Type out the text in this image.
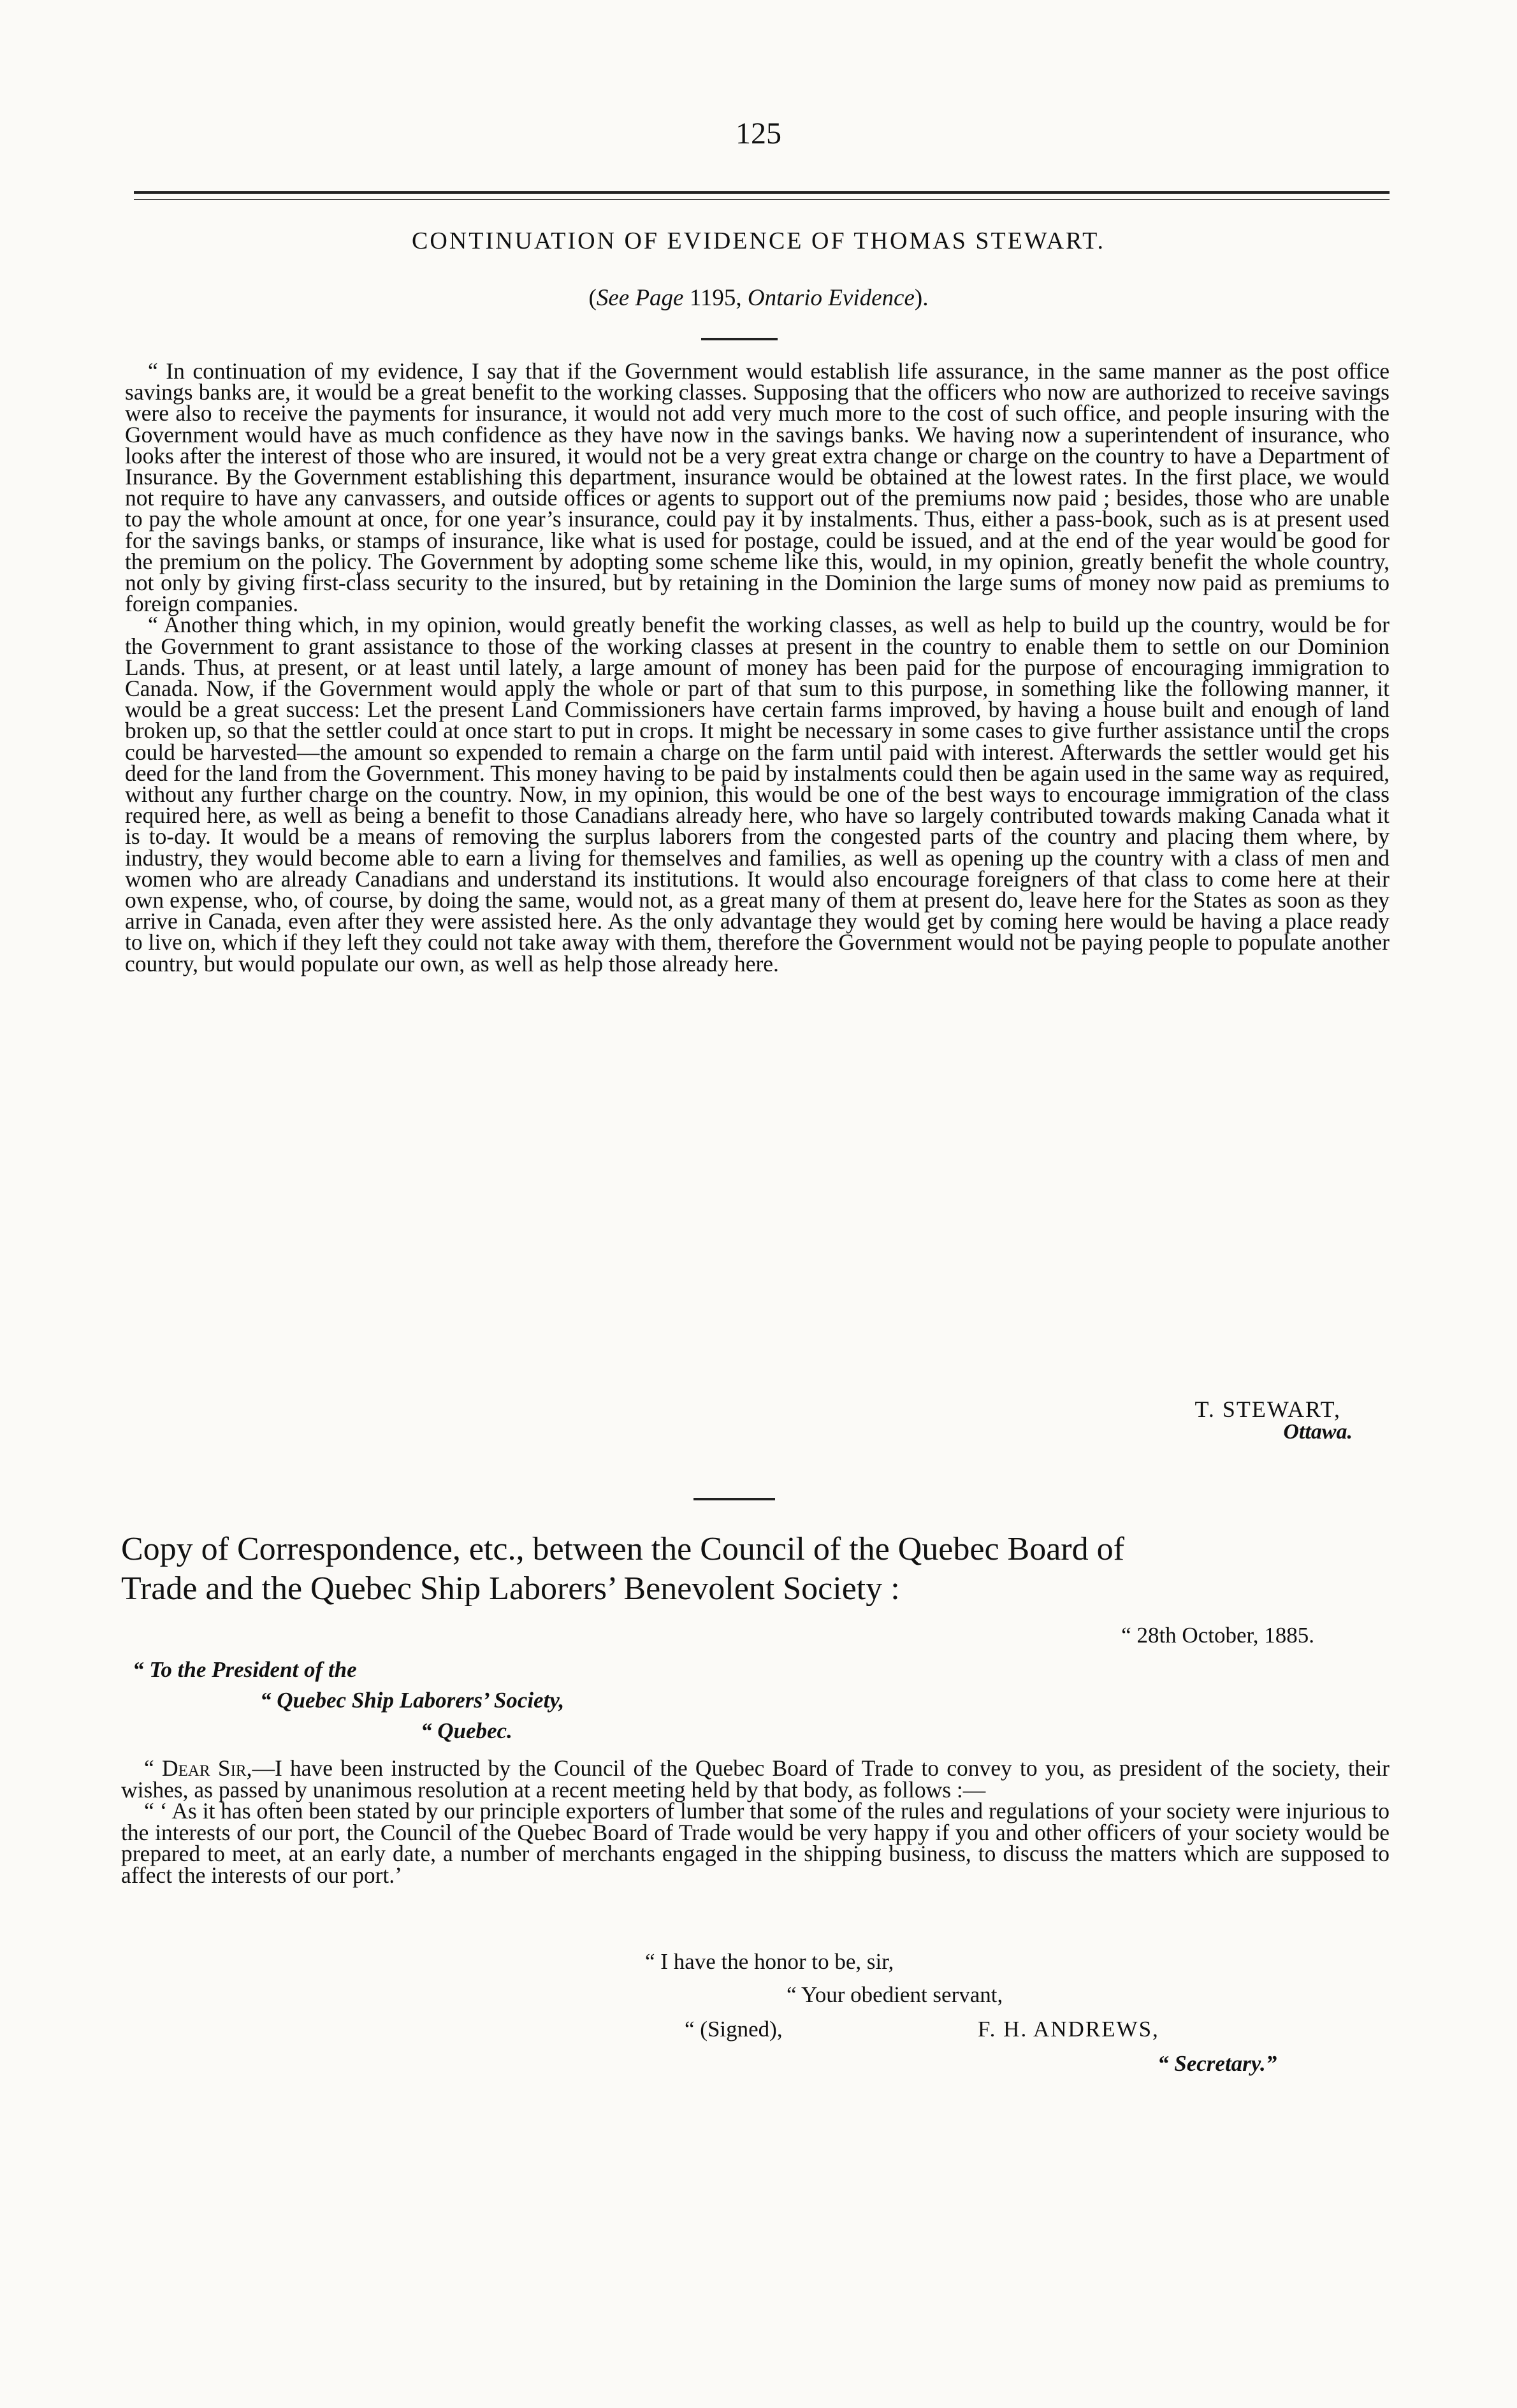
125
CONTINUATION OF EVIDENCE OF THOMAS STEWART.
(See Page 1195, Ontario Evidence).

“ In continuation of my evidence, I say that if the Government would establish life assurance, in the same manner as the post office savings banks are, it would be a great benefit to the working classes. Supposing that the officers who now are authorized to receive savings were also to receive the payments for insurance, it would not add very much more to the cost of such office, and people insuring with the Government would have as much confidence as they have now in the savings banks. We having now a superintendent of insurance, who looks after the interest of those who are insured, it would not be a very great extra change or charge on the country to have a Department of Insurance. By the Government establishing this department, insurance would be obtained at the lowest rates. In the first place, we would not require to have any canvassers, and outside offices or agents to support out of the premiums now paid ; besides, those who are unable to pay the whole amount at once, for one year’s insurance, could pay it by instalments. Thus, either a pass-book, such as is at present used for the savings banks, or stamps of insurance, like what is used for postage, could be issued, and at the end of the year would be good for the premium on the policy. The Government by adopting some scheme like this, would, in my opinion, greatly benefit the whole country, not only by giving first-class security to the insured, but by retaining in the Dominion the large sums of money now paid as premiums to foreign companies.

“ Another thing which, in my opinion, would greatly benefit the working classes, as well as help to build up the country, would be for the Government to grant assistance to those of the working classes at present in the country to enable them to settle on our Dominion Lands. Thus, at present, or at least until lately, a large amount of money has been paid for the purpose of encouraging immigration to Canada. Now, if the Government would apply the whole or part of that sum to this purpose, in something like the following manner, it would be a great success: Let the present Land Commissioners have certain farms improved, by having a house built and enough of land broken up, so that the settler could at once start to put in crops. It might be necessary in some cases to give further assistance until the crops could be harvested—the amount so expended to remain a charge on the farm until paid with interest. Afterwards the settler would get his deed for the land from the Government. This money having to be paid by instalments could then be again used in the same way as required, without any further charge on the country. Now, in my opinion, this would be one of the best ways to encourage immigration of the class required here, as well as being a benefit to those Canadians already here, who have so largely contributed towards making Canada what it is to-day. It would be a means of removing the surplus laborers from the congested parts of the country and placing them where, by industry, they would become able to earn a living for themselves and families, as well as opening up the country with a class of men and women who are already Canadians and understand its institutions. It would also encourage foreigners of that class to come here at their own expense, who, of course, by doing the same, would not, as a great many of them at present do, leave here for the States as soon as they arrive in Canada, even after they were assisted here. As the only advantage they would get by coming here would be having a place ready to live on, which if they left they could not take away with them, therefore the Government would not be paying people to populate another country, but would populate our own, as well as help those already here.

T. STEWART,
Ottawa.
Copy of Correspondence, etc., between the Council of the Quebec Board of
Trade and the Quebec Ship Laborers’ Benevolent Society :
“ 28th October, 1885.
“ To the President of the
“ Quebec Ship Laborers’ Society,
“ Quebec.

“ Dear Sir,—I have been instructed by the Council of the Quebec Board of Trade to convey to you, as president of the society, their wishes, as passed by unanimous resolution at a recent meeting held by that body, as follows :—

“ ‘ As it has often been stated by our principle exporters of lumber that some of the rules and regulations of your society were injurious to the interests of our port, the Council of the Quebec Board of Trade would be very happy if you and other officers of your society would be prepared to meet, at an early date, a number of merchants engaged in the shipping business, to discuss the matters which are supposed to affect the interests of our port.’

“ I have the honor to be, sir,
“ Your obedient servant,
“ (Signed),	F. H. ANDREWS,
“ Secretary.”
